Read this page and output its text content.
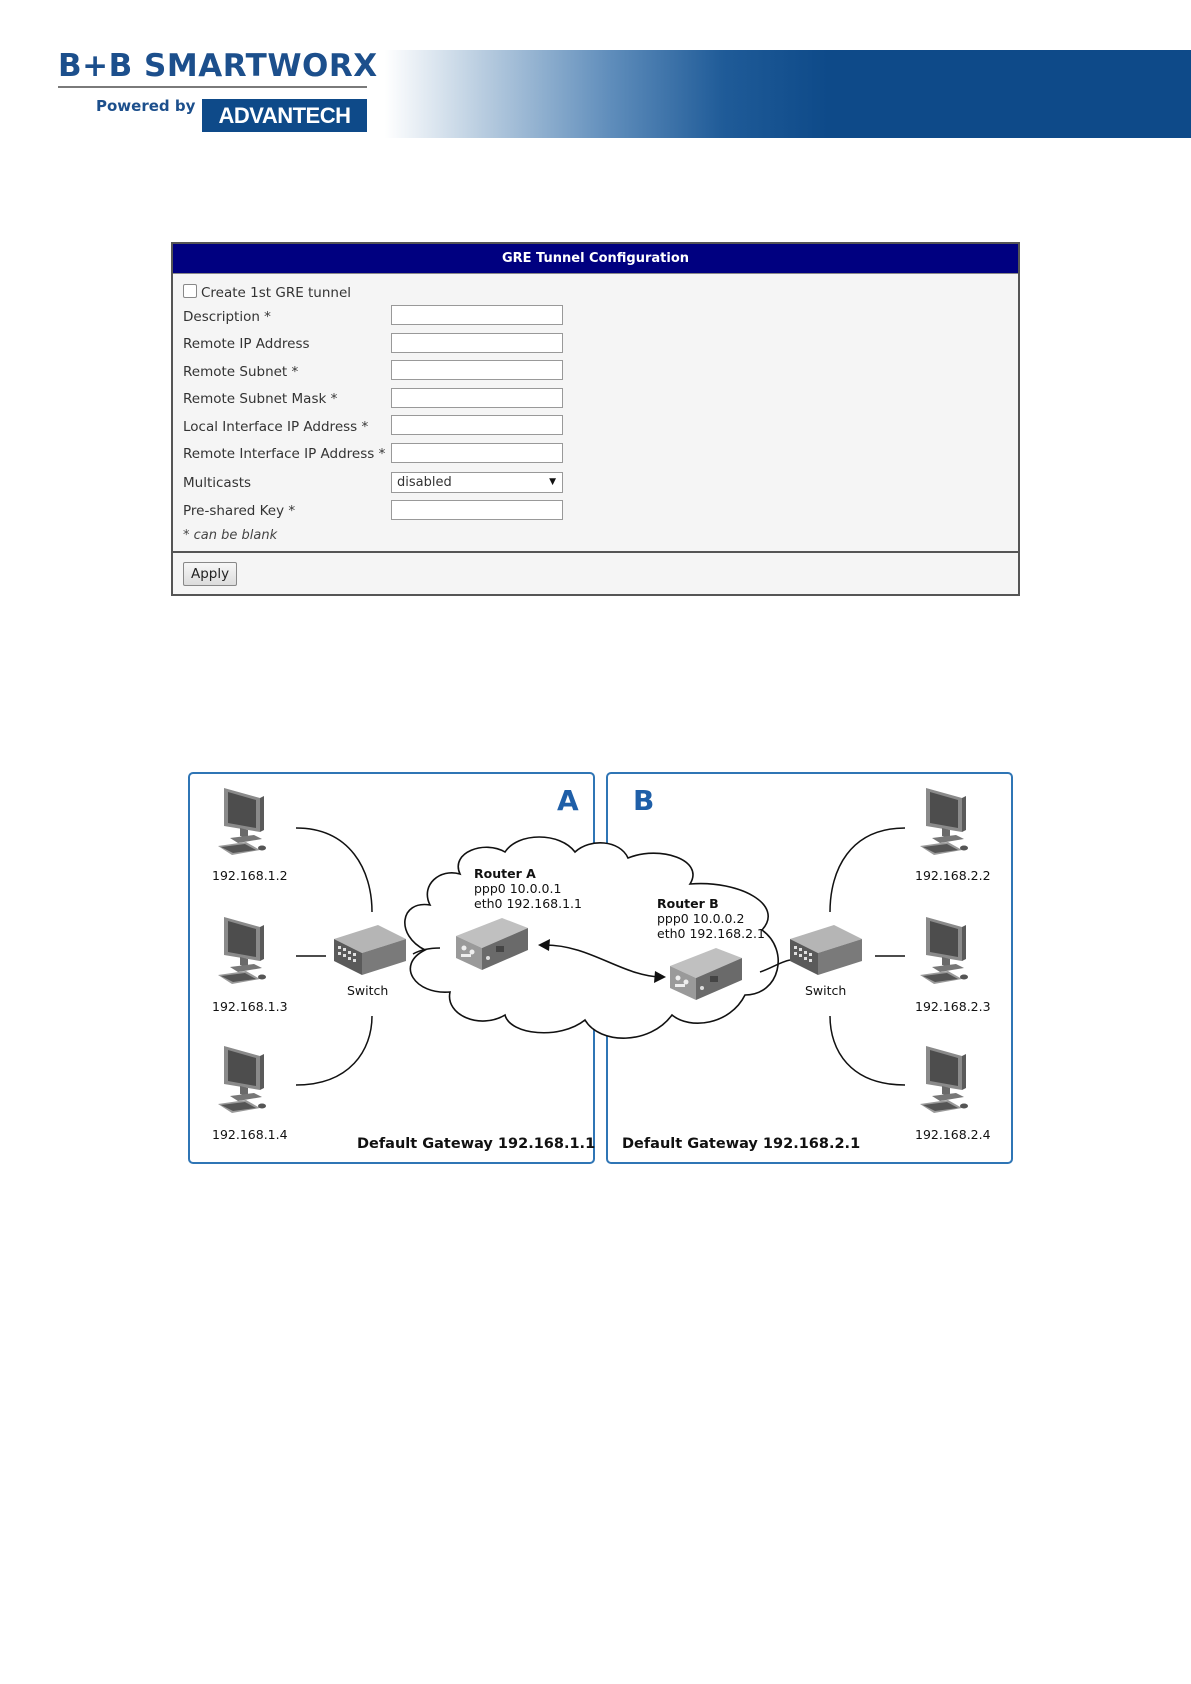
B+B SMARTWORX
Powered by	ADVANTECH
GRE Tunnel Configuration
Create 1st GRE tunnel
Description *
Remote IP Address
Remote Subnet *
Remote Subnet Mask *
Local Interface IP Address *
Remote Interface IP Address *
Multicasts	disabled	▼
Pre-shared Key *
* can be blank
Apply
A B
192.168.1.2
192.168.1.3
192.168.1.4
192.168.2.2
192.168.2.3
192.168.2.4
Switch	Switch
Router A
ppp0 10.0.0.1
eth0 192.168.1.1	Router B
ppp0 10.0.0.2
eth0 192.168.2.1
Default Gateway 192.168.1.1 Default Gateway 192.168.2.1
